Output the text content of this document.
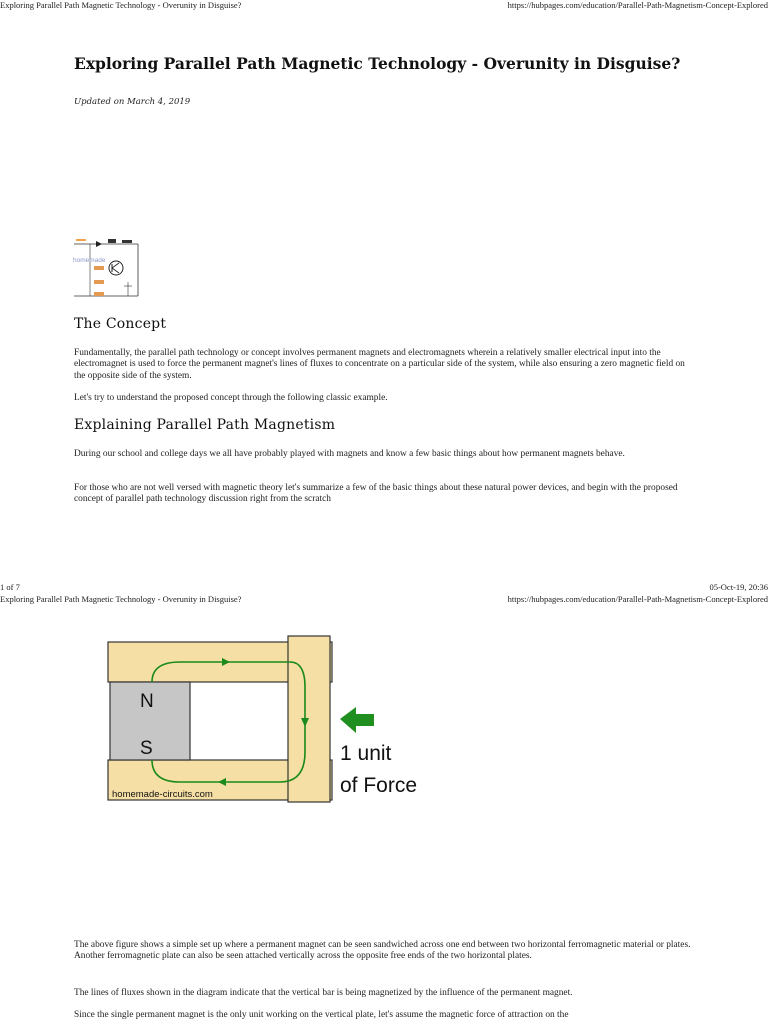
Exploring Parallel Path Magnetic Technology - Overunity in Disguise?	https://hubpages.com/education/Parallel-Path-Magnetism-Concept-Explored
Exploring Parallel Path Magnetic Technology - Overunity in Disguise?
Updated on March 4, 2019
homemade
The Concept

Fundamentally, the parallel path technology or concept involves permanent magnets and electromagnets wherein a relatively smaller electrical input into the electromagnet is used to force the permanent magnet's lines of fluxes to concentrate on a particular side of the system, while also ensuring a zero magnetic field on the opposite side of the system.

Let's try to understand the proposed concept through the following classic example.

Explaining Parallel Path Magnetism

During our school and college days we all have probably played with magnets and know a few basic things about how permanent magnets behave.

For those who are not well versed with magnetic theory let's summarize a few of the basic things about these natural power devices, and begin with the proposed concept of parallel path technology discussion right from the scratch

1 of 7	05-Oct-19, 20:36
Exploring Parallel Path Magnetic Technology - Overunity in Disguise?	https://hubpages.com/education/Parallel-Path-Magnetism-Concept-Explored
N
S
homemade-circuits.com
1 unit
of Force

The above figure shows a simple set up where a permanent magnet can be seen sandwiched across one end between two horizontal ferromagnetic material or plates. Another ferromagnetic plate can also be seen attached vertically across the opposite free ends of the two horizontal plates.

The lines of fluxes shown in the diagram indicate that the vertical bar is being magnetized by the influence of the permanent magnet.

Since the single permanent magnet is the only unit working on the vertical plate, let's assume the magnetic force of attraction on the
